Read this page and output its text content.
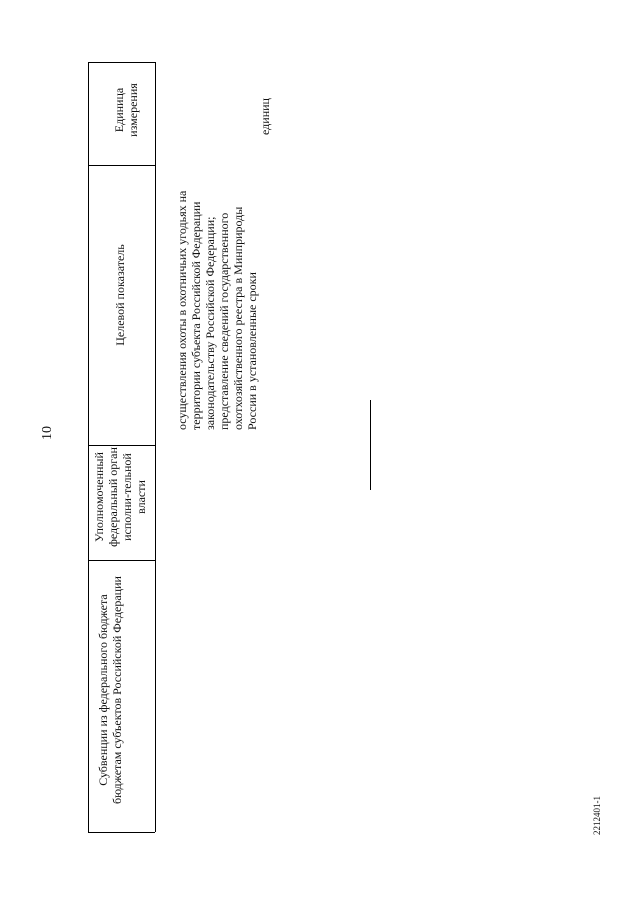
10
Субвенции из федерального бюджета бюджетам субъектов Российской Федерации
Уполномоченный федеральный орган исполни-тельной власти
Целевой показатель
Единица измерения
осуществления охоты в охотничьих угодьях на территории субъекта Российской Федерации законодательству Российской Федерации; представление сведений государственного охотхозяйственного реестра в Минприроды России в установленные сроки
единиц
2212401-1
